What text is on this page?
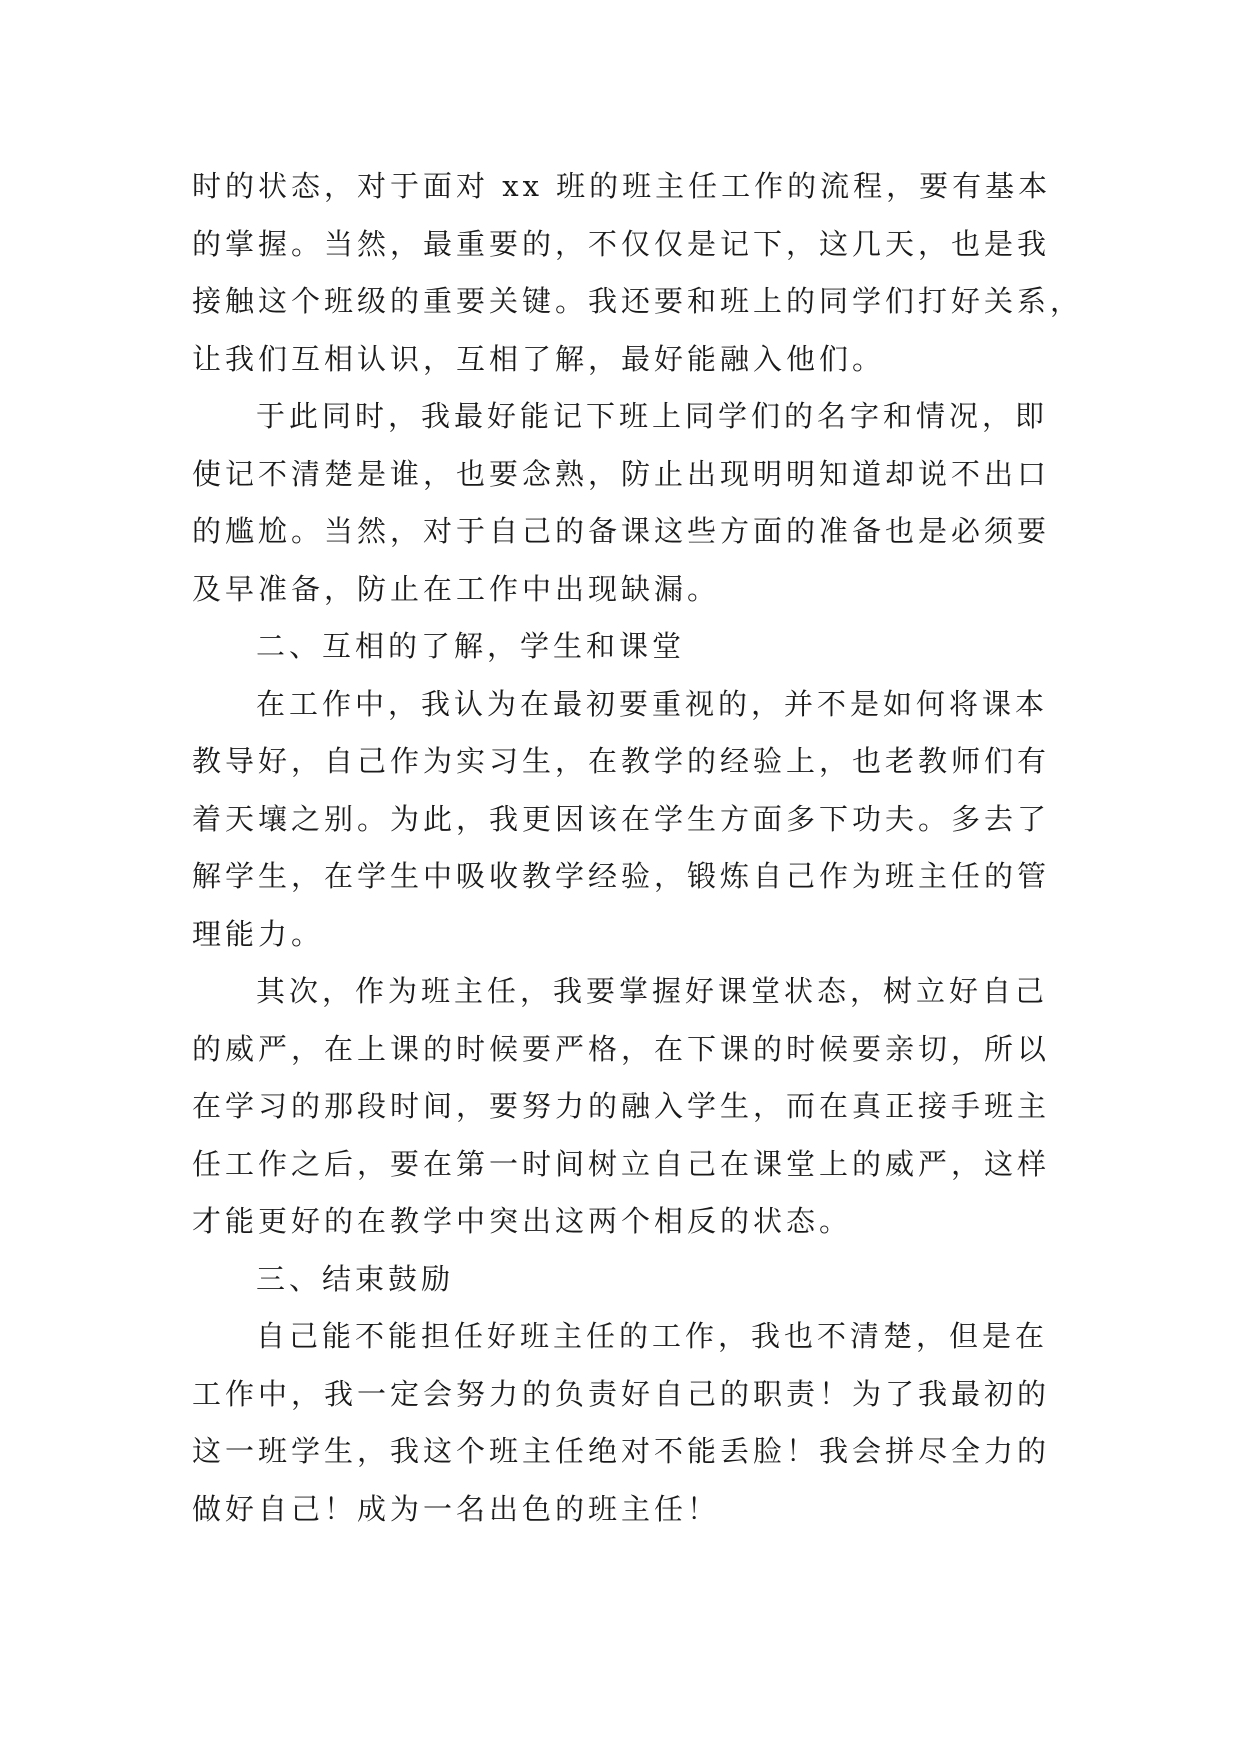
时的状态，对于面对 xx 班的班主任工作的流程，要有基本
的掌握。当然，最重要的，不仅仅是记下，这几天，也是我
接触这个班级的重要关键。我还要和班上的同学们打好关系，
让我们互相认识，互相了解，最好能融入他们。
于此同时，我最好能记下班上同学们的名字和情况，即
使记不清楚是谁，也要念熟，防止出现明明知道却说不出口
的尴尬。当然，对于自己的备课这些方面的准备也是必须要
及早准备，防止在工作中出现缺漏。
二、互相的了解，学生和课堂
在工作中，我认为在最初要重视的，并不是如何将课本
教导好，自己作为实习生，在教学的经验上，也老教师们有
着天壤之别。为此，我更因该在学生方面多下功夫。多去了
解学生，在学生中吸收教学经验，锻炼自己作为班主任的管
理能力。
其次，作为班主任，我要掌握好课堂状态，树立好自己
的威严，在上课的时候要严格，在下课的时候要亲切，所以
在学习的那段时间，要努力的融入学生，而在真正接手班主
任工作之后，要在第一时间树立自己在课堂上的威严，这样
才能更好的在教学中突出这两个相反的状态。
三、结束鼓励
自己能不能担任好班主任的工作，我也不清楚，但是在
工作中，我一定会努力的负责好自己的职责！为了我最初的
这一班学生，我这个班主任绝对不能丢脸！我会拼尽全力的
做好自己！成为一名出色的班主任！
